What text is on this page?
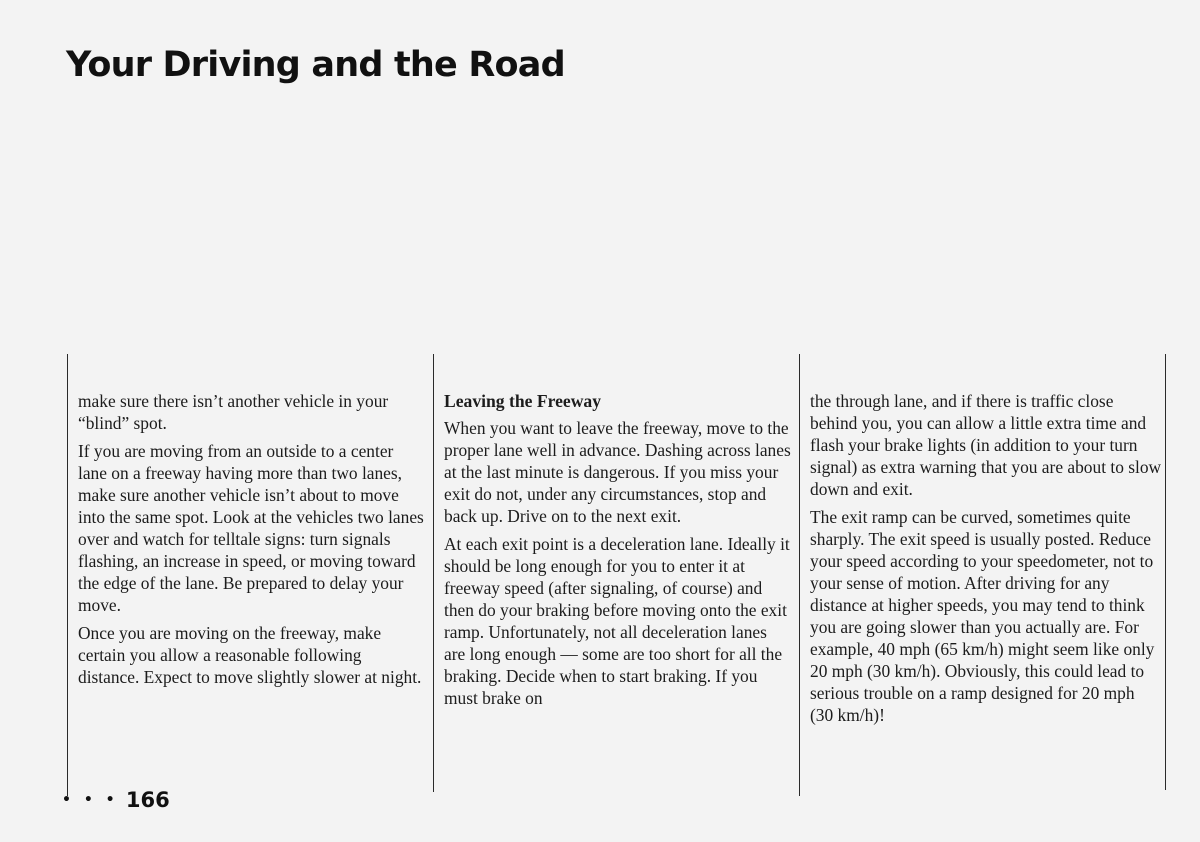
Your Driving and the Road

make sure there isn’t another vehicle in your “blind” spot.

If you are moving from an outside to a center lane on a freeway having more than two lanes, make sure another vehicle isn’t about to move into the same spot. Look at the vehicles two lanes over and watch for telltale signs: turn signals flashing, an increase in speed, or moving toward the edge of the lane. Be prepared to delay your move.

Once you are moving on the freeway, make certain you allow a reasonable following distance. Expect to move slightly slower at night.

Leaving the Freeway

When you want to leave the freeway, move to the proper lane well in advance. Dashing across lanes at the last minute is dangerous. If you miss your exit do not, under any circumstances, stop and back up. Drive on to the next exit.

At each exit point is a deceleration lane. Ideally it should be long enough for you to enter it at freeway speed (after signaling, of course) and then do your braking before moving onto the exit ramp. Unfortunately, not all deceleration lanes are long enough — some are too short for all the braking. Decide when to start braking. If you must brake on

the through lane, and if there is traffic close behind you, you can allow a little extra time and flash your brake lights (in addition to your turn signal) as extra warning that you are about to slow down and exit.

The exit ramp can be curved, sometimes quite sharply. The exit speed is usually posted. Reduce your speed according to your speedometer, not to your sense of motion. After driving for any distance at higher speeds, you may tend to think you are going slower than you actually are. For example, 40 mph (65 km/h) might seem like only 20 mph (30 km/h). Obviously, this could lead to serious trouble on a ramp designed for 20 mph (30 km/h)!

• • • 166
